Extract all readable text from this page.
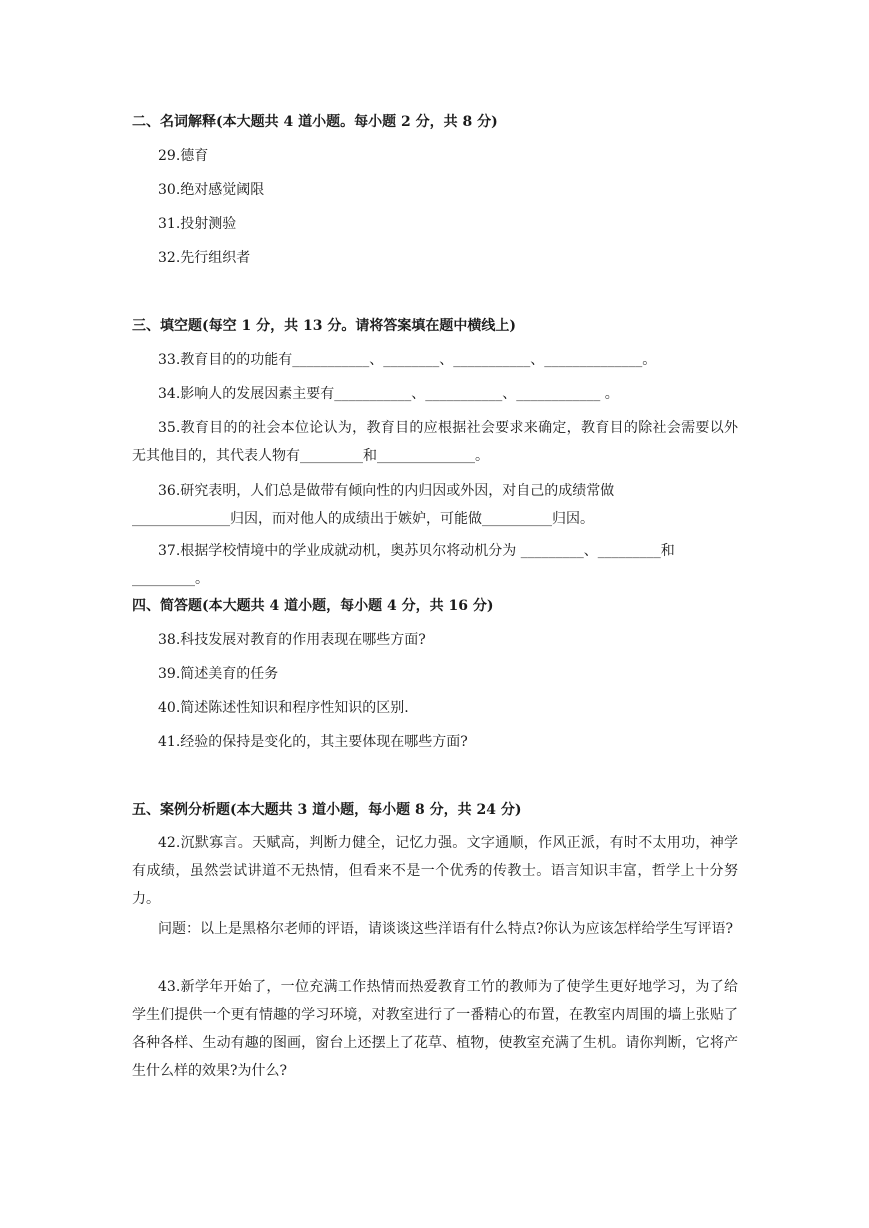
二、名词解释(本大题共 4 道小题。每小题 2 分，共 8 分)
29.德育
30.绝对感觉阈限
31.投射测验
32.先行组织者
三、填空题(每空 1 分，共 13 分。请将答案填在题中横线上)
33.教育目的的功能有___________、________、___________、______________。
34.影响人的发展因素主要有___________、___________、____________ 。
35.教育目的的社会本位论认为，教育目的应根据社会要求来确定，教育目的除社会需要以外无其他目的，其代表人物有_________和______________。
36.研究表明，人们总是做带有倾向性的内归因或外因，对自己的成绩常做
______________归因，而对他人的成绩出于嫉妒，可能做__________归因。
37.根据学校情境中的学业成就动机，奥苏贝尔将动机分为 _________、_________和
_________。
四、简答题(本大题共 4 道小题，每小题 4 分，共 16 分)
38.科技发展对教育的作用表现在哪些方面?
39.简述美育的任务
40.简述陈述性知识和程序性知识的区别.
41.经验的保持是变化的，其主要体现在哪些方面?
五、案例分析题(本大题共 3 道小题，每小题 8 分，共 24 分)
42.沉默寡言。天赋高，判断力健全，记忆力强。文字通顺，作风正派，有时不太用功，神学有成绩，虽然尝试讲道不无热情，但看来不是一个优秀的传教士。语言知识丰富，哲学上十分努力。
问题：以上是黑格尔老师的评语，请谈谈这些洋语有什么特点?你认为应该怎样给学生写评语?
43.新学年开始了，一位充满工作热情而热爱教育工竹的教师为了使学生更好地学习，为了给学生们提供一个更有情趣的学习环境，对教室进行了一番精心的布置，在教室内周围的墙上张贴了各种各样、生动有趣的图画，窗台上还摆上了花草、植物，使教室充满了生机。请你判断，它将产生什么样的效果?为什么?
